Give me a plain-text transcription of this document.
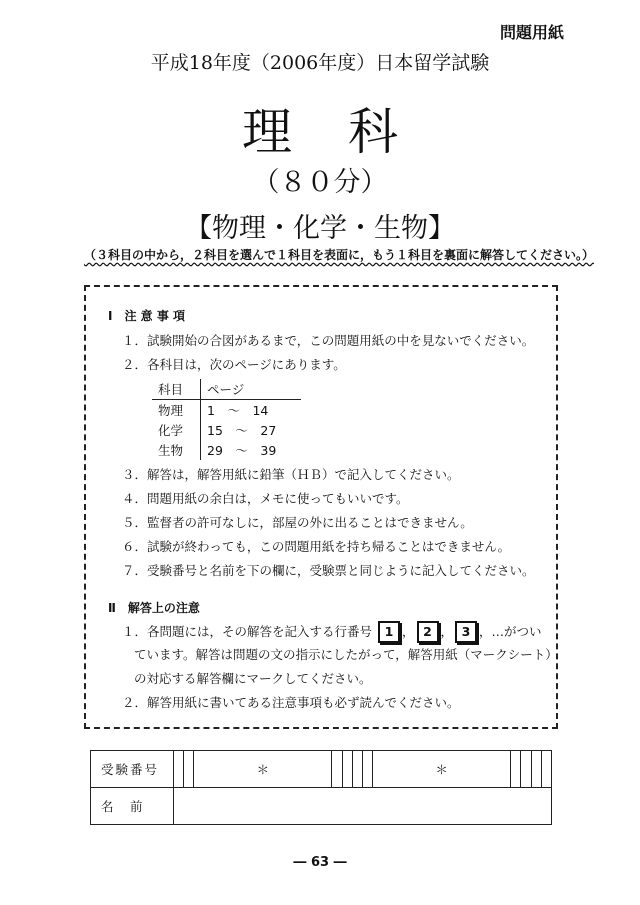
問題用紙
平成18年度（2006年度）日本留学試験
理科
（８０分）
【物理・化学・生物】
（３科目の中から，２科目を選んで１科目を表面に，もう１科目を裏面に解答してください。）
Ⅰ　注 意 事 項
１．試験開始の合図があるまで，この問題用紙の中を見ないでください。
２．各科目は，次のページにあります。
科目	ページ
物理	1　～　14
化学	15　～　27
生物	29　～　39
３．解答は，解答用紙に鉛筆（ＨＢ）で記入してください。
４．問題用紙の余白は，メモに使ってもいいです。
５．監督者の許可なしに，部屋の外に出ることはできません。
６．試験が終わっても，この問題用紙を持ち帰ることはできません。
７．受験番号と名前を下の欄に，受験票と同じように記入してください。
Ⅱ　解答上の注意
１．各問題には，その解答を記入する行番号 1 ， 2 ， 3 ，…がつい
ています。解答は問題の文の指示にしたがって，解答用紙（マークシート）
の対応する解答欄にマークしてください。
２．解答用紙に書いてある注意事項も必ず読んでください。
受験番号			＊					＊				
名　前												
― 63 ―
